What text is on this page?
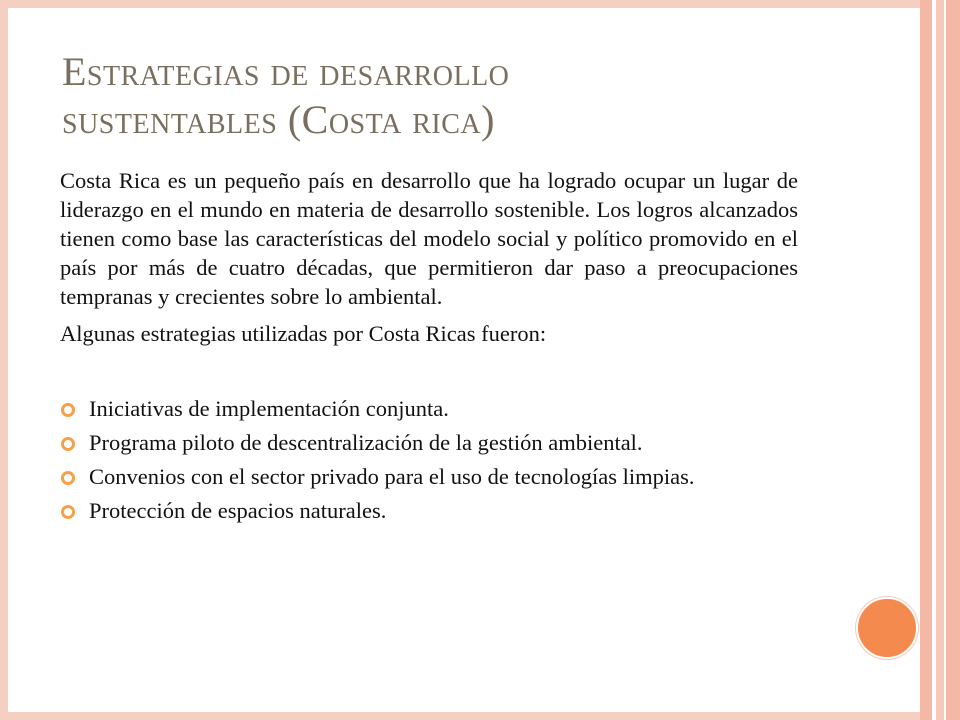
Estrategias de desarrollo
sustentables (Costa rica)

Costa Rica es un pequeño país en desarrollo que ha logrado ocupar un lugar de liderazgo en el mundo en materia de desarrollo sostenible. Los logros alcanzados tienen como base las características del modelo social y político promovido en el país por más de cuatro décadas, que permitieron dar paso a preocupaciones tempranas y crecientes sobre lo ambiental.

Algunas estrategias utilizadas por Costa Ricas fueron:

Iniciativas de implementación conjunta.
Programa piloto de descentralización de la gestión ambiental.
Convenios con el sector privado para el uso de tecnologías limpias.
Protección de espacios naturales.
